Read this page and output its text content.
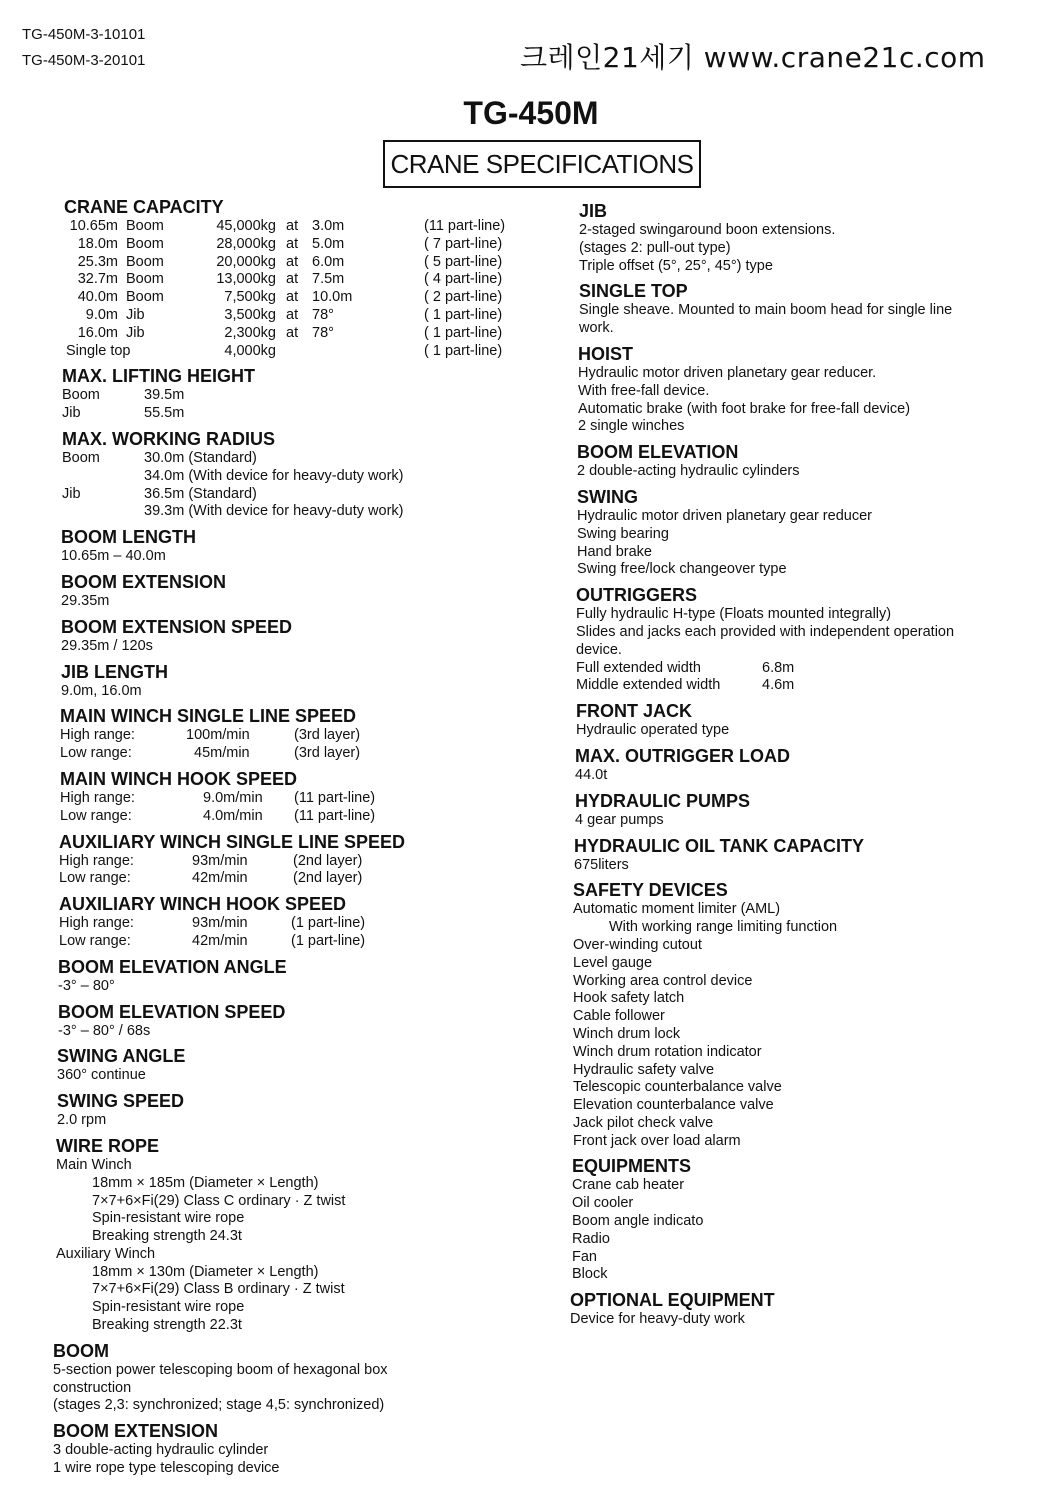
TG-450M-3-10101
TG-450M-3-20101	크레인21세기 www.crane21c.com
TG-450M
CRANE SPECIFICATIONS
CRANE CAPACITY
10.65m Boom	45,000kg at 3.0m	(11 part-line)
18.0m Boom	28,000kg at 5.0m	( 7 part-line)
25.3m Boom	20,000kg at 6.0m	( 5 part-line)
32.7m Boom	13,000kg at 7.5m	( 4 part-line)
40.0m Boom	7,500kg at 10.0m	( 2 part-line)
9.0m Jib	3,500kg at 78°	( 1 part-line)
16.0m Jib	2,300kg at 78°	( 1 part-line)
Single top	4,000kg	( 1 part-line)
MAX. LIFTING HEIGHT
Boom	39.5m
Jib	55.5m
MAX. WORKING RADIUS
Boom	30.0m (Standard)
34.0m (With device for heavy-duty work)
Jib	36.5m (Standard)
39.3m (With device for heavy-duty work)
BOOM LENGTH
10.65m – 40.0m
BOOM EXTENSION
29.35m
BOOM EXTENSION SPEED
29.35m / 120s
JIB LENGTH
9.0m, 16.0m
MAIN WINCH SINGLE LINE SPEED
High range:	100m/min	(3rd layer)
Low range:	45m/min	(3rd layer)
MAIN WINCH HOOK SPEED
High range:	9.0m/min	(11 part-line)
Low range:	4.0m/min	(11 part-line)
AUXILIARY WINCH SINGLE LINE SPEED
High range:	93m/min	(2nd layer)
Low range:	42m/min	(2nd layer)
AUXILIARY WINCH HOOK SPEED
High range:	93m/min	(1 part-line)
Low range:	42m/min	(1 part-line)
BOOM ELEVATION ANGLE
-3° – 80°
BOOM ELEVATION SPEED
-3° – 80° / 68s
SWING ANGLE
360° continue
SWING SPEED
2.0 rpm
WIRE ROPE
Main Winch
18mm × 185m (Diameter × Length)
7×7+6×Fi(29) Class C ordinary · Z twist
Spin-resistant wire rope
Breaking strength 24.3t
Auxiliary Winch
18mm × 130m (Diameter × Length)
7×7+6×Fi(29) Class B ordinary · Z twist
Spin-resistant wire rope
Breaking strength 22.3t
BOOM
5-section power telescoping boom of hexagonal box
construction
(stages 2,3: synchronized; stage 4,5: synchronized)
BOOM EXTENSION
3 double-acting hydraulic cylinder
1 wire rope type telescoping device
JIB
2-staged swingaround boon extensions.
(stages 2: pull-out type)
Triple offset (5°, 25°, 45°) type
SINGLE TOP
Single sheave. Mounted to main boom head for single line
work.
HOIST
Hydraulic motor driven planetary gear reducer.
With free-fall device.
Automatic brake (with foot brake for free-fall device)
2 single winches
BOOM ELEVATION
2 double-acting hydraulic cylinders
SWING
Hydraulic motor driven planetary gear reducer
Swing bearing
Hand brake
Swing free/lock changeover type
OUTRIGGERS
Fully hydraulic H-type (Floats mounted integrally)
Slides and jacks each provided with independent operation
device.
Full extended width	6.8m
Middle extended width	4.6m
FRONT JACK
Hydraulic operated type
MAX. OUTRIGGER LOAD
44.0t
HYDRAULIC PUMPS
4 gear pumps
HYDRAULIC OIL TANK CAPACITY
675liters
SAFETY DEVICES
Automatic moment limiter (AML)
With working range limiting function
Over-winding cutout
Level gauge
Working area control device
Hook safety latch
Cable follower
Winch drum lock
Winch drum rotation indicator
Hydraulic safety valve
Telescopic counterbalance valve
Elevation counterbalance valve
Jack pilot check valve
Front jack over load alarm
EQUIPMENTS
Crane cab heater
Oil cooler
Boom angle indicato
Radio
Fan
Block
OPTIONAL EQUIPMENT
Device for heavy-duty work
